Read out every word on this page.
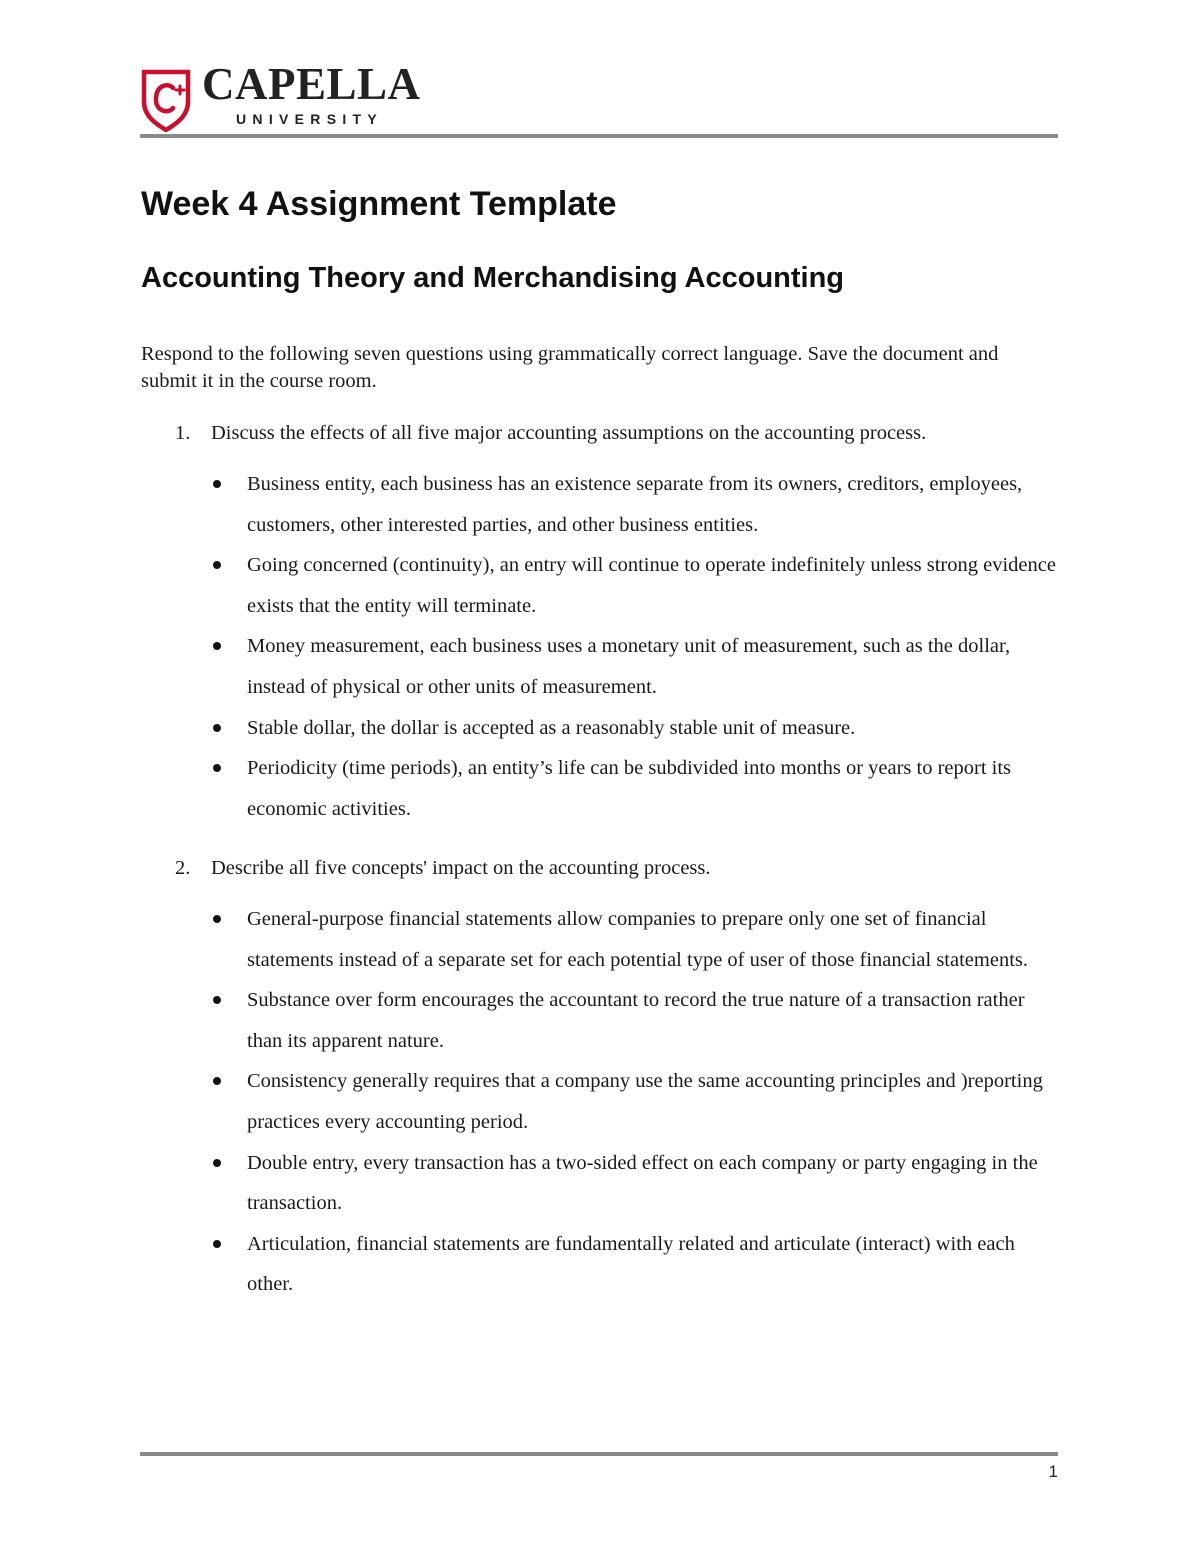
CAPELLA
UNIVERSITY
Week 4 Assignment Template
Accounting Theory and Merchandising Accounting

Respond to the following seven questions using grammatically correct language. Save the document and submit it in the course room.

1. Discuss the effects of all five major accounting assumptions on the accounting process.

Business entity, each business has an existence separate from its owners, creditors, employees, customers, other interested parties, and other business entities.
Going concerned (continuity), an entry will continue to operate indefinitely unless strong evidence exists that the entity will terminate.
Money measurement, each business uses a monetary unit of measurement, such as the dollar, instead of physical or other units of measurement.
Stable dollar, the dollar is accepted as a reasonably stable unit of measure.
Periodicity (time periods), an entity’s life can be subdivided into months or years to report its economic activities.

2. Describe all five concepts' impact on the accounting process.

General-purpose financial statements allow companies to prepare only one set of financial statements instead of a separate set for each potential type of user of those financial statements.
Substance over form encourages the accountant to record the true nature of a transaction rather than its apparent nature.
Consistency generally requires that a company use the same accounting principles and )reporting practices every accounting period.
Double entry, every transaction has a two-sided effect on each company or party engaging in the transaction.
Articulation, financial statements are fundamentally related and articulate (interact) with each other.
1
